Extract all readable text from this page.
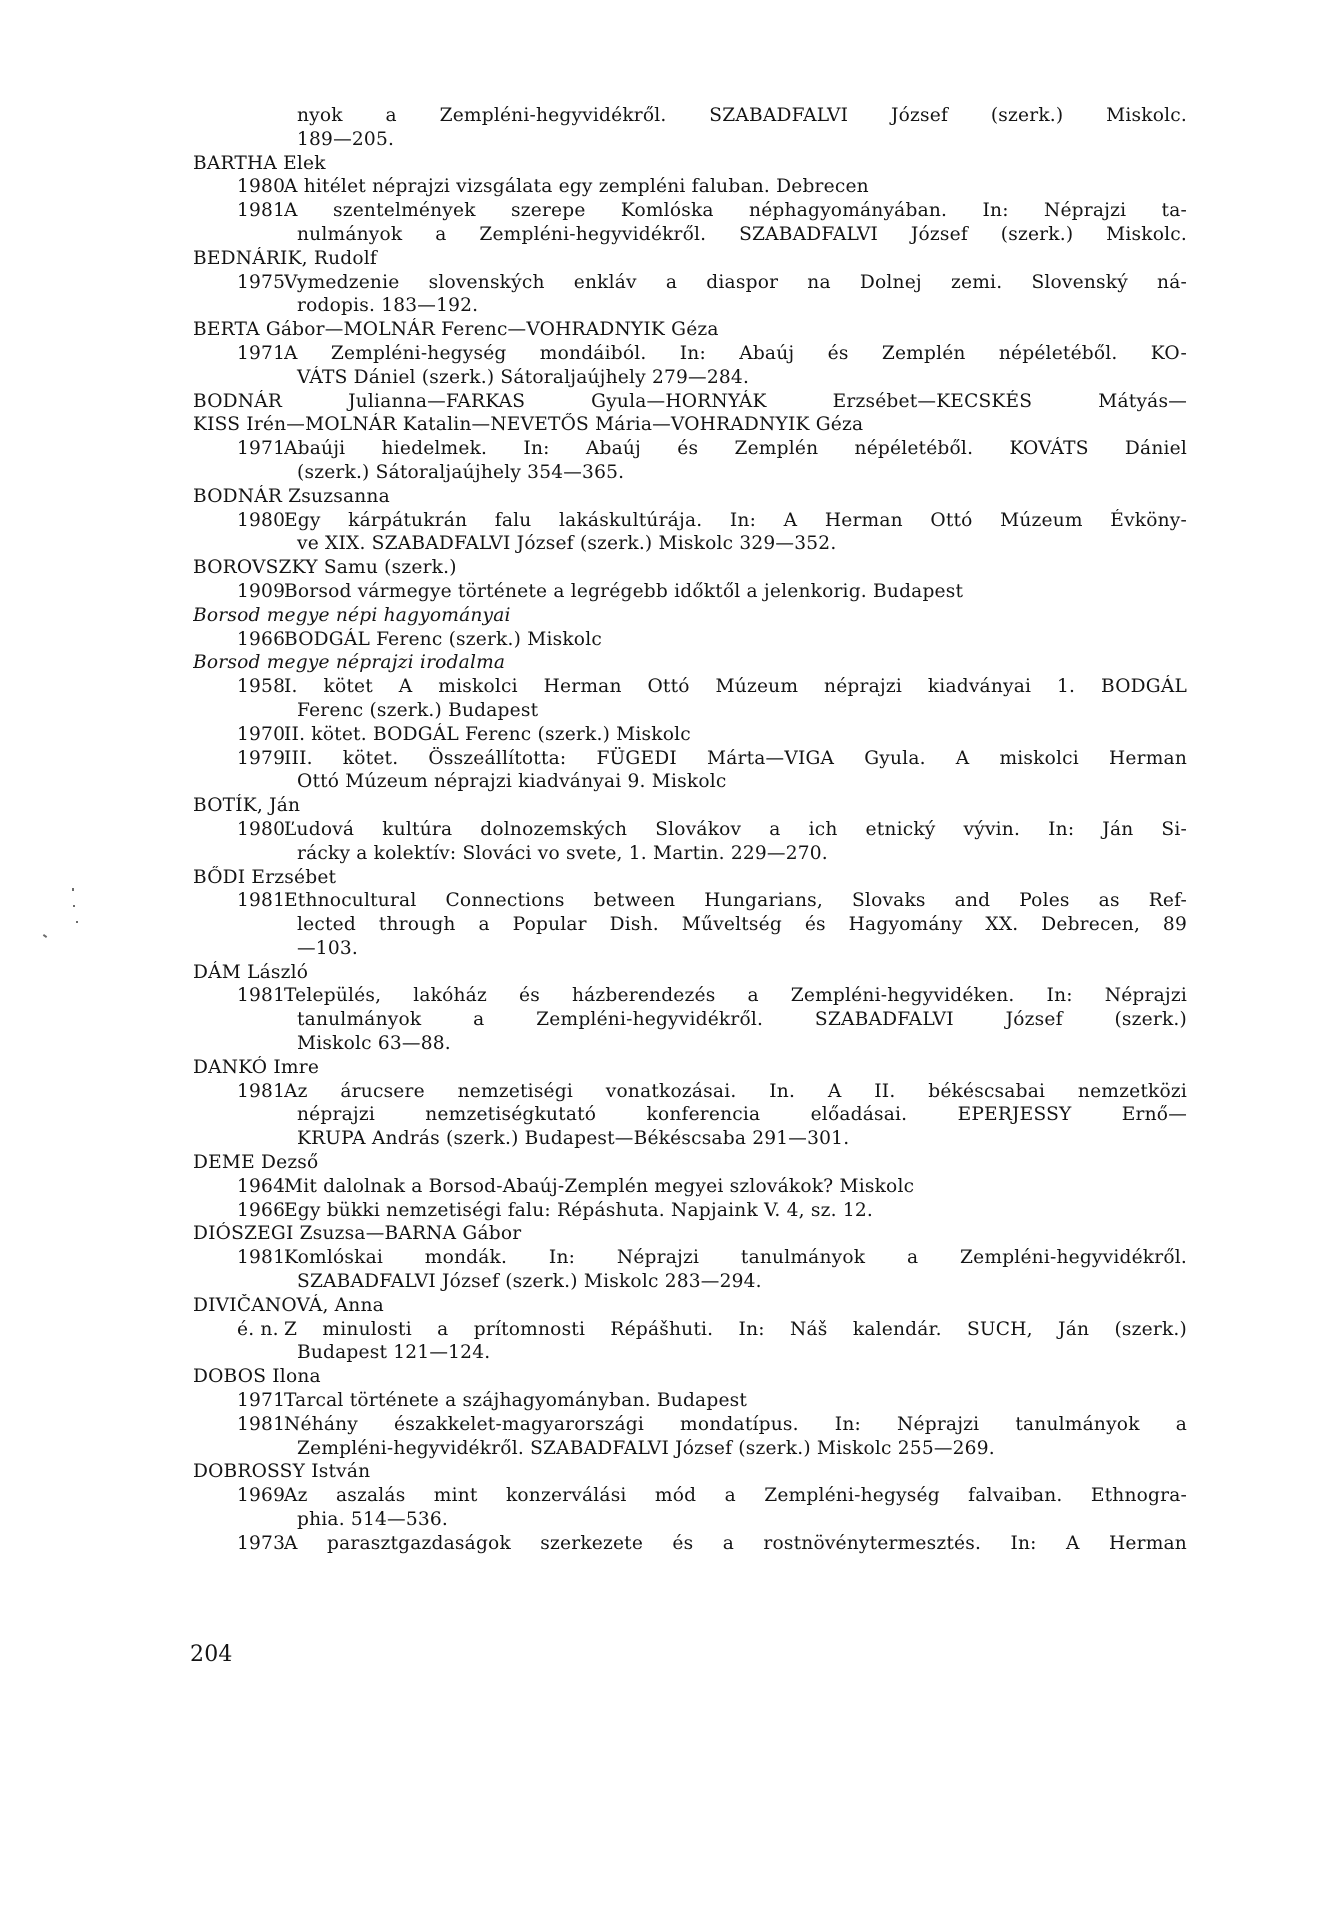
nyok a Zempléni-hegyvidékről. SZABADFALVI József (szerk.) Miskolc.
189—205.
BARTHA Elek
1980
A hitélet néprajzi vizsgálata egy zempléni faluban. Debrecen
1981
A szentelmények szerepe Komlóska néphagyományában. In: Néprajzi ta-
nulmányok a Zempléni-hegyvidékről. SZABADFALVI József (szerk.) Miskolc.
BEDNÁRIK, Rudolf
1975
Vymedzenie slovenských enkláv a diaspor na Dolnej zemi. Slovenský ná-
rodopis. 183—192.
BERTA Gábor—MOLNÁR Ferenc—VOHRADNYIK Géza
1971
A Zempléni-hegység mondáiból. In: Abaúj és Zemplén népéletéből. KO-
VÁTS Dániel (szerk.) Sátoraljaújhely 279—284.
BODNÁR Julianna—FARKAS Gyula—HORNYÁK Erzsébet—KECSKÉS Mátyás—
KISS Irén—MOLNÁR Katalin—NEVETŐS Mária—VOHRADNYIK Géza
1971
Abaúji hiedelmek. In: Abaúj és Zemplén népéletéből. KOVÁTS Dániel
(szerk.) Sátoraljaújhely 354—365.
BODNÁR Zsuzsanna
1980
Egy kárpátukrán falu lakáskultúrája. In: A Herman Ottó Múzeum Évköny-
ve XIX. SZABADFALVI József (szerk.) Miskolc 329—352.
BOROVSZKY Samu (szerk.)
1909
Borsod vármegye története a legrégebb időktől a jelenkorig. Budapest
Borsod megye népi hagyományai
1966
BODGÁL Ferenc (szerk.) Miskolc
Borsod megye néprajzi irodalma
1958
I. kötet A miskolci Herman Ottó Múzeum néprajzi kiadványai 1. BODGÁL
Ferenc (szerk.) Budapest
1970
II. kötet. BODGÁL Ferenc (szerk.) Miskolc
1979
III. kötet. Összeállította: FÜGEDI Márta—VIGA Gyula. A miskolci Herman
Ottó Múzeum néprajzi kiadványai 9. Miskolc
BOTÍK, Ján
1980
Ľudová kultúra dolnozemských Slovákov a ich etnický vývin. In: Ján Si-
rácky a kolektív: Slováci vo svete, 1. Martin. 229—270.
BŐDI Erzsébet
1981
Ethnocultural Connections between Hungarians, Slovaks and Poles as Ref-
lected through a Popular Dish. Műveltség és Hagyomány XX. Debrecen, 89
—103.
DÁM László
1981
Település, lakóház és házberendezés a Zempléni-hegyvidéken. In: Néprajzi
tanulmányok a Zempléni-hegyvidékről. SZABADFALVI József (szerk.)
Miskolc 63—88.
DANKÓ Imre
1981
Az árucsere nemzetiségi vonatkozásai. In. A II. békéscsabai nemzetközi
néprajzi nemzetiségkutató konferencia előadásai. EPERJESSY Ernő—
KRUPA András (szerk.) Budapest—Békéscsaba 291—301.
DEME Dezső
1964
Mit dalolnak a Borsod-Abaúj-Zemplén megyei szlovákok? Miskolc
1966
Egy bükki nemzetiségi falu: Répáshuta. Napjaink V. 4, sz. 12.
DIÓSZEGI Zsuzsa—BARNA Gábor
1981
Komlóskai mondák. In: Néprajzi tanulmányok a Zempléni-hegyvidékről.
SZABADFALVI József (szerk.) Miskolc 283—294.
DIVIČANOVÁ, Anna
é. n. Z minulosti a prítomnosti Répášhuti. In: Náš kalendár. SUCH, Ján (szerk.)
Budapest 121—124.
DOBOS Ilona
1971
Tarcal története a szájhagyományban. Budapest
1981
Néhány északkelet-magyarországi mondatípus. In: Néprajzi tanulmányok a
Zempléni-hegyvidékről. SZABADFALVI József (szerk.) Miskolc 255—269.
DOBROSSY István
1969
Az aszalás mint konzerválási mód a Zempléni-hegység falvaiban. Ethnogra-
phia. 514—536.
1973
A parasztgazdaságok szerkezete és a rostnövénytermesztés. In: A Herman
204
